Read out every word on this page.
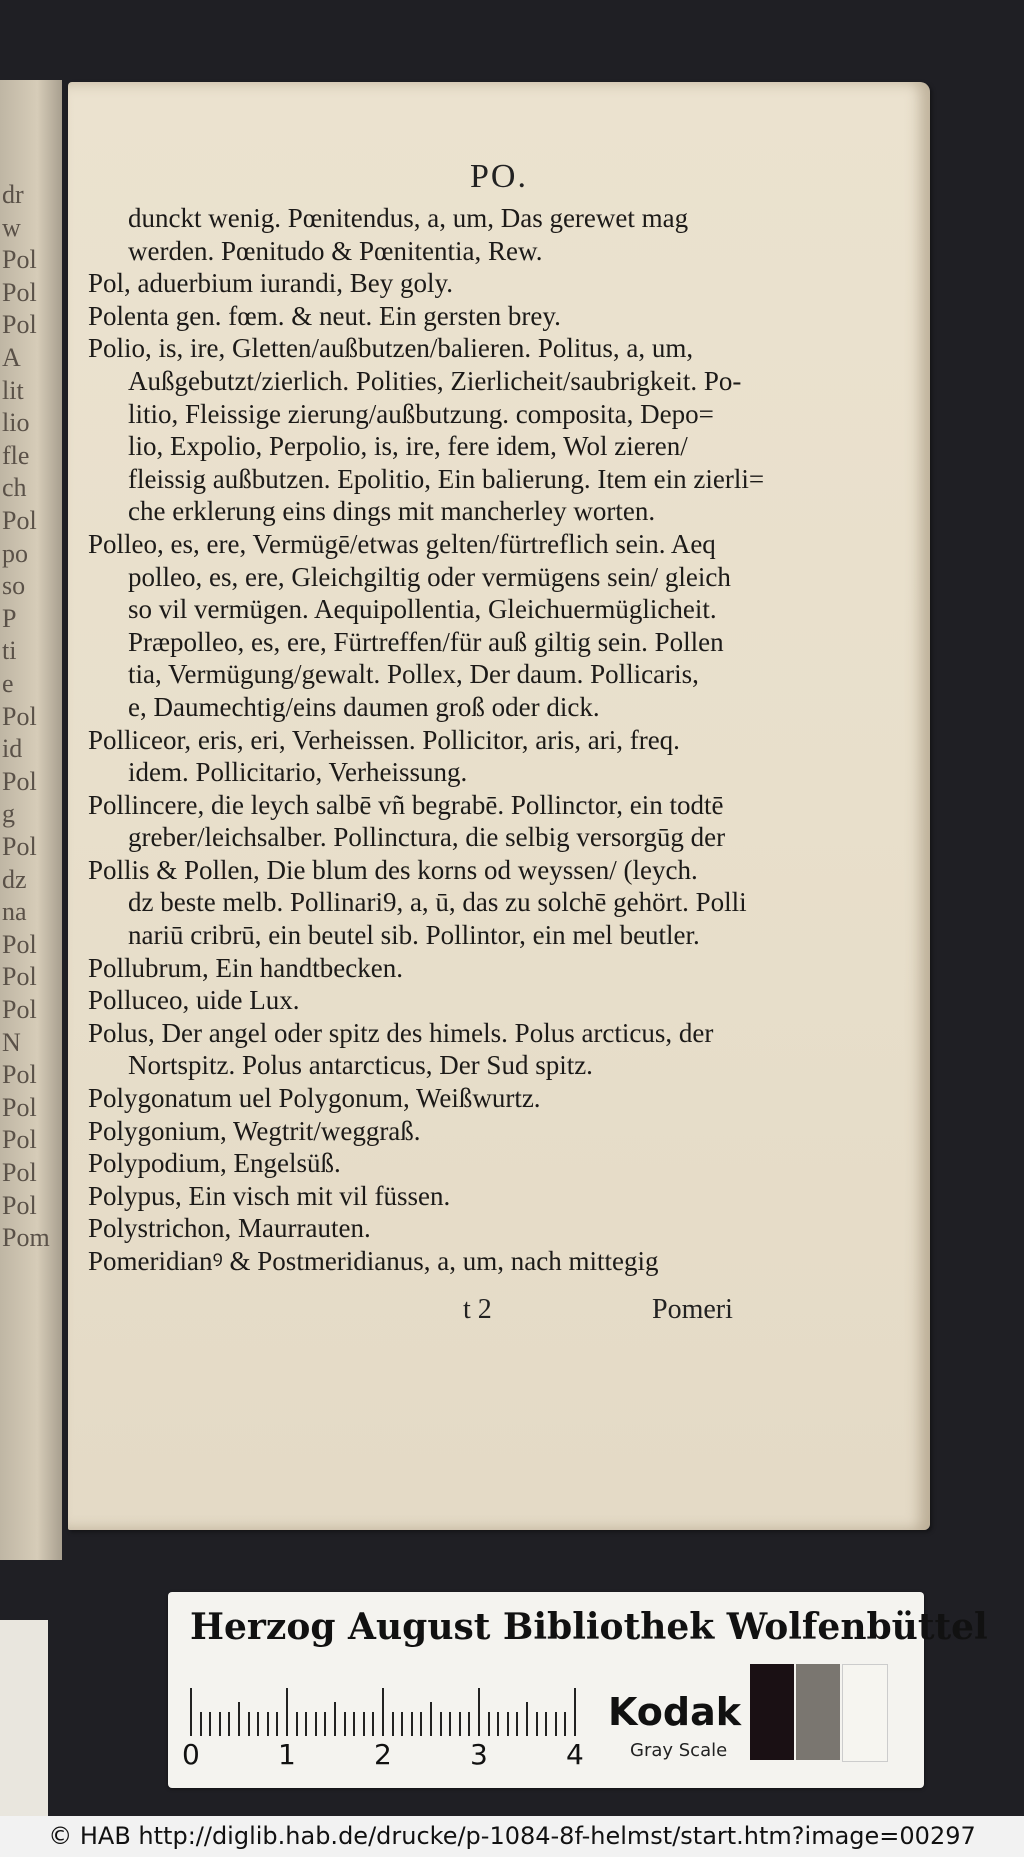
dr
w
Pol
Pol
Pol
A
lit
lio
fle
ch
Pol
po
so
P
ti
e
Pol
id
Pol
g
Pol
dz
na
Pol
Pol
Pol
N
Pol
Pol
Pol
Pol
Pol
Pom
PO.
dunckt wenig. Pœnitendus, a, um, Das gerewet mag
werden. Pœnitudo & Pœnitentia, Rew.
Pol, aduerbium iurandi, Bey goly.
Polenta gen. fœm. & neut. Ein gersten brey.
Polio, is, ire, Gletten/außbutzen/balieren. Politus, a, um,
Außgebutzt/zierlich. Polities, Zierlicheit/saubrigkeit. Po-
litio, Fleissige zierung/außbutzung. composita, Depo=
lio, Expolio, Perpolio, is, ire, fere idem, Wol zieren/
fleissig außbutzen. Epolitio, Ein balierung. Item ein zierli=
che erklerung eins dings mit mancherley worten.
Polleo, es, ere, Vermügē/etwas gelten/fürtreflich sein. Aeq
polleo, es, ere, Gleichgiltig oder vermügens sein/ gleich
so vil vermügen. Aequipollentia, Gleichuermüglicheit.
Præpolleo, es, ere, Fürtreffen/für auß giltig sein. Pollen
tia, Vermügung/gewalt. Pollex, Der daum. Pollicaris,
e, Daumechtig/eins daumen groß oder dick.
Polliceor, eris, eri, Verheissen. Pollicitor, aris, ari, freq.
idem. Pollicitario, Verheissung.
Pollincere, die leych salbē vñ begrabē. Pollinctor, ein todtē
greber/leichsalber. Pollinctura, die selbig versorgūg der
Pollis & Pollen, Die blum des korns od weyssen/ (leych.
dz beste melb. Pollinari9, a, ū, das zu solchē gehört. Polli
nariū cribrū, ein beutel sib. Pollintor, ein mel beutler.
Pollubrum, Ein handtbecken.
Polluceo, uide Lux.
Polus, Der angel oder spitz des himels. Polus arcticus, der
Nortspitz. Polus antarcticus, Der Sud spitz.
Polygonatum uel Polygonum, Weißwurtz.
Polygonium, Wegtrit/weggraß.
Polypodium, Engelsüß.
Polypus, Ein visch mit vil füssen.
Polystrichon, Maurrauten.
Pomeridianꝰ & Postmeridianus, a, um, nach mittegig
t 2	Pomeri
Herzog August Bibliothek Wolfenbüttel
0	1	2	3	4
Kodak
Gray Scale
© HAB http://diglib.hab.de/drucke/p-1084-8f-helmst/start.htm?image=00297
